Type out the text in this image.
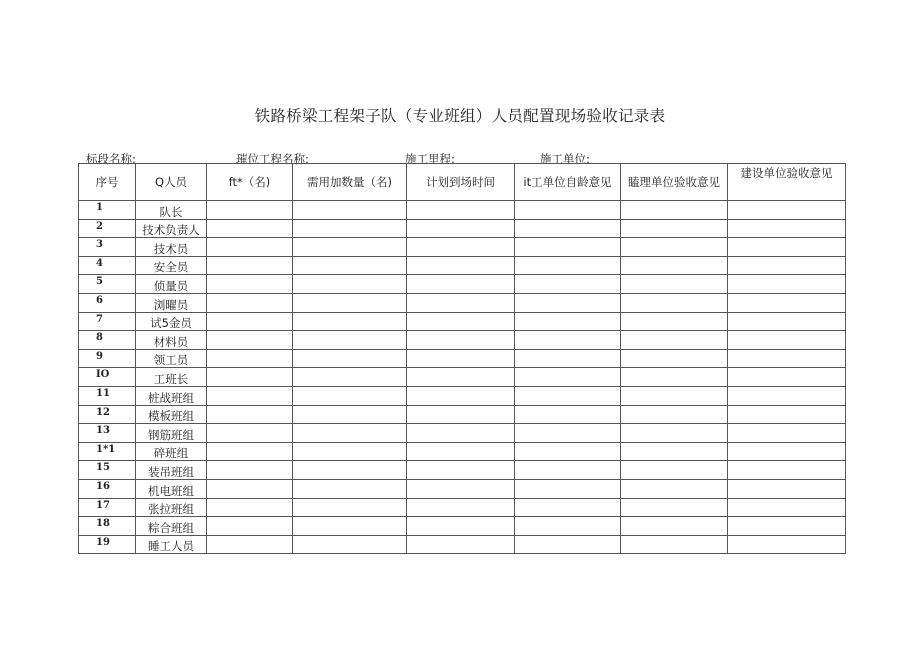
铁路桥梁工程架子队（专业班组）人员配置现场验收记录表
标段名称:	璀位工程名称:	施工里程:	施工单位:
序号	Q人员	ft*（名)	需用加数量（名)	计划到场时间	it工单位自龄意见	瞌理单位验收意见	建设单位验收意见
1	队长						
2	技术负责人						
3	技术员						
4	安全员						
5	侦量员						
6	浏曜员						
7	试5金员						
8	材料员						
9	领工员						
IO	工班长						
11	桩战班组						
12	模板班组						
13	钢筋班组						
1*1	碎班组						
15	装吊班组						
16	机电班组						
17	张拉班组						
18	粽合班组						
19	睡工人员						
